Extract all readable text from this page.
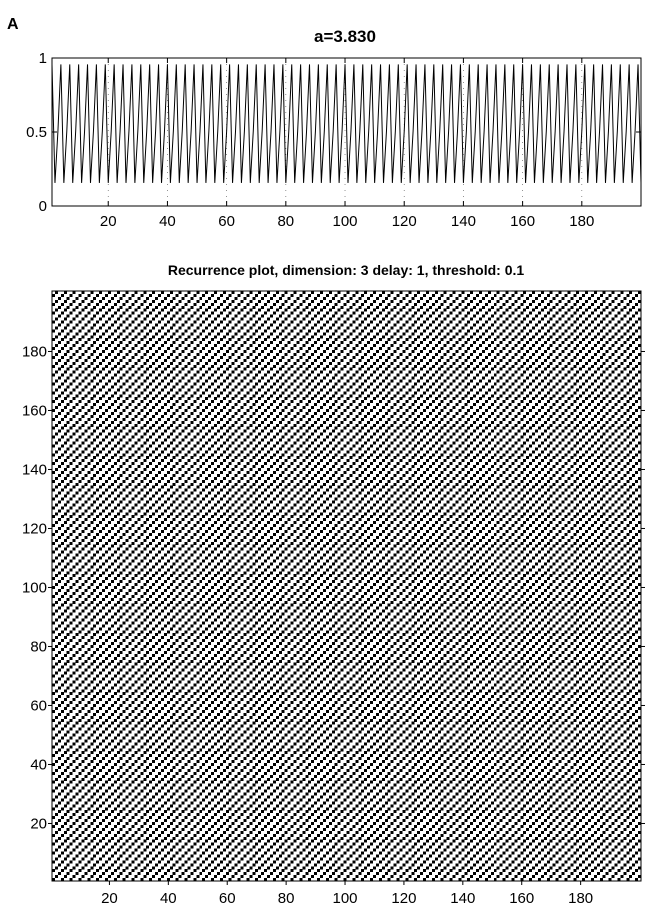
A
a=3.830
20	40	60	80	100 120 140 160 180
0
0.5
1
Recurrence plot, dimension: 3 delay: 1, threshold: 0.1
20	40	60	80	100 120 140 160 180
20
40
60
80
100
120
140
160
180
